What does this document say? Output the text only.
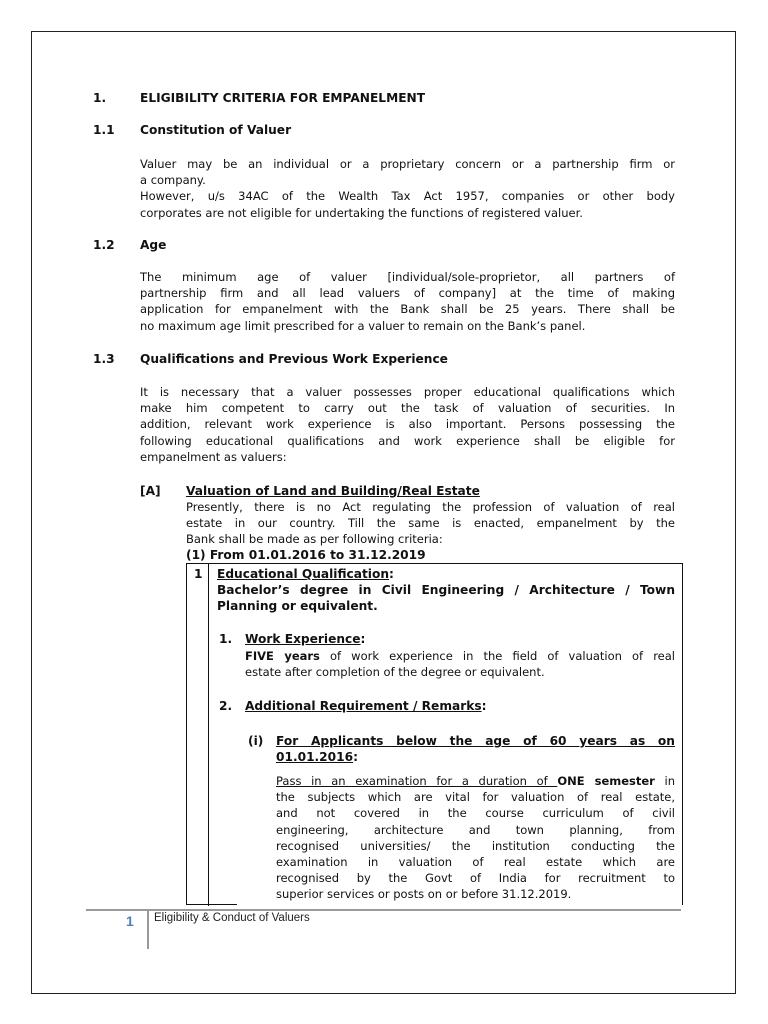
1.	ELIGIBILITY CRITERIA FOR EMPANELMENT
1.1 Constitution of Valuer

Valuer may be an individual or a proprietary concern or a partnership firm or

a company.

However, u/s 34AC of the Wealth Tax Act 1957, companies or other body

corporates are not eligible for undertaking the functions of registered valuer.

1.2 Age

The minimum age of valuer [individual/sole-proprietor, all partners of

partnership firm and all lead valuers of company] at the time of making

application for empanelment with the Bank shall be 25 years. There shall be

no maximum age limit prescribed for a valuer to remain on the Bank’s panel.

1.3 Qualifications and Previous Work Experience

It is necessary that a valuer possesses proper educational qualifications which

make him competent to carry out the task of valuation of securities. In

addition, relevant work experience is also important. Persons possessing the

following educational qualifications and work experience shall be eligible for

empanelment as valuers:

[A] Valuation of Land and Building/Real Estate

Presently, there is no Act regulating the profession of valuation of real

estate in our country. Till the same is enacted, empanelment by the

Bank shall be made as per following criteria:

(1) From 01.01.2016 to 31.12.2019
1 Educational Qualification:

Bachelor’s degree in Civil Engineering / Architecture / Town

Planning or equivalent.

1. Work Experience:

FIVE years of work experience in the field of valuation of real

estate after completion of the degree or equivalent.

2. Additional Requirement / Remarks:
(i) For Applicants below the age of 60 years as on

01.01.2016:

Pass in an examination for a duration of ONE semester in

the subjects which are vital for valuation of real estate,

and not covered in the course curriculum of civil

engineering, architecture and town planning, from

recognised universities/ the institution conducting the

examination in valuation of real estate which are

recognised by the Govt of India for recruitment to

superior services or posts on or before 31.12.2019.

1 Eligibility & Conduct of Valuers
